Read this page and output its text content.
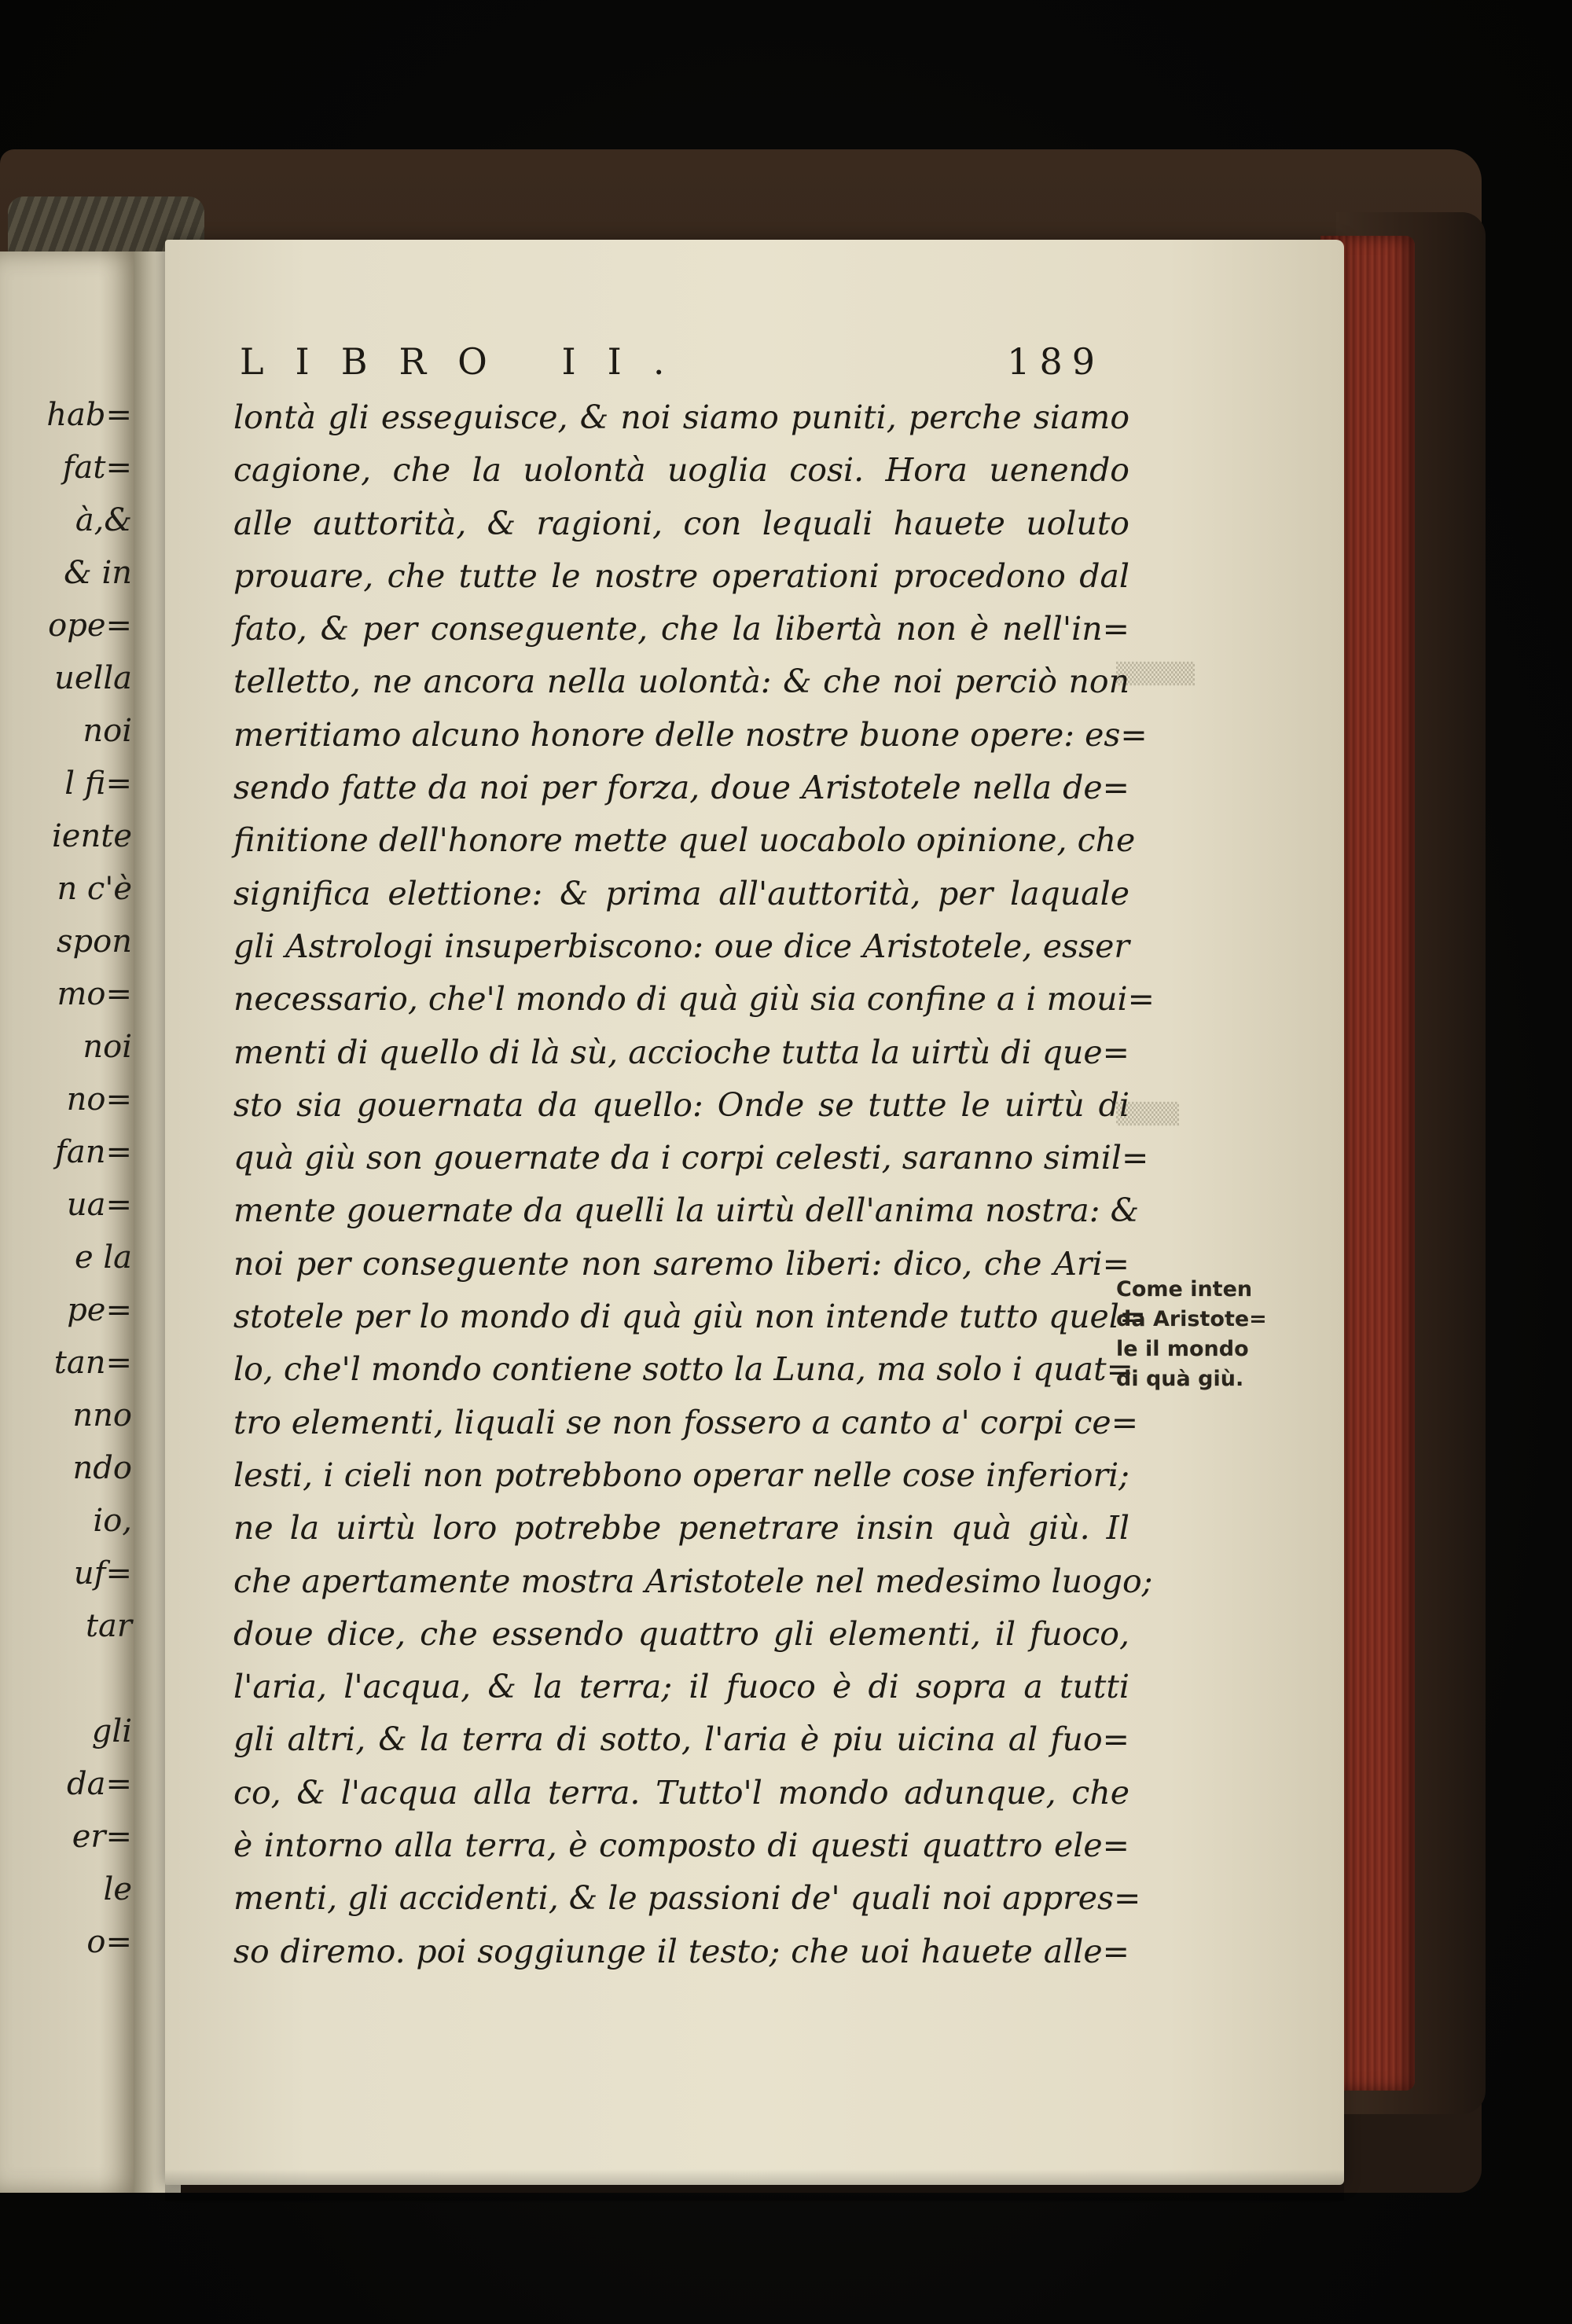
hab=
fat=
à,&
& in
ope=
uella
noi
l fi=
iente
n c'è
spon
mo=
noi
no=
fan=
ua=
e la
pe=
tan=
nno
ndo
io,
uf=
tar

gli
da=
er=
le
o=
▒▒▒▒▒
▒▒▒▒
LIBRO II.	189
lontà gli esseguisce, & noi siamo puniti, perche siamo
cagione, che la uolontà uoglia cosi. Hora uenendo
alle auttorità, & ragioni, con lequali hauete uoluto
prouare, che tutte le nostre operationi procedono dal
fato, & per conseguente, che la libertà non è nell'in=
telletto, ne ancora nella uolontà: & che noi perciò non
meritiamo alcuno honore delle nostre buone opere: es=
sendo fatte da noi per forza, doue Aristotele nella de=
finitione dell'honore mette quel uocabolo opinione, che
significa elettione: & prima all'auttorità, per laquale
gli Astrologi insuperbiscono: oue dice Aristotele, esser
necessario, che'l mondo di quà giù sia confine a i moui=
menti di quello di là sù, accioche tutta la uirtù di que=
sto sia gouernata da quello: Onde se tutte le uirtù di
quà giù son gouernate da i corpi celesti, saranno simil=
mente gouernate da quelli la uirtù dell'anima nostra: &
noi per conseguente non saremo liberi: dico, che Ari=
stotele per lo mondo di quà giù non intende tutto quel=
lo, che'l mondo contiene sotto la Luna, ma solo i quat=
tro elementi, liquali se non fossero a canto a' corpi ce=
lesti, i cieli non potrebbono operar nelle cose inferiori;
ne la uirtù loro potrebbe penetrare insin quà giù. Il
che apertamente mostra Aristotele nel medesimo luogo;
doue dice, che essendo quattro gli elementi, il fuoco,
l'aria, l'acqua, & la terra; il fuoco è di sopra a tutti
gli altri, & la terra di sotto, l'aria è piu uicina al fuo=
co, & l'acqua alla terra. Tutto'l mondo adunque, che
è intorno alla terra, è composto di questi quattro ele=
menti, gli accidenti, & le passioni de' quali noi appres=
so diremo. poi soggiunge il testo; che uoi hauete alle=
Come inten
da Aristote=
le il mondo
di quà giù.
